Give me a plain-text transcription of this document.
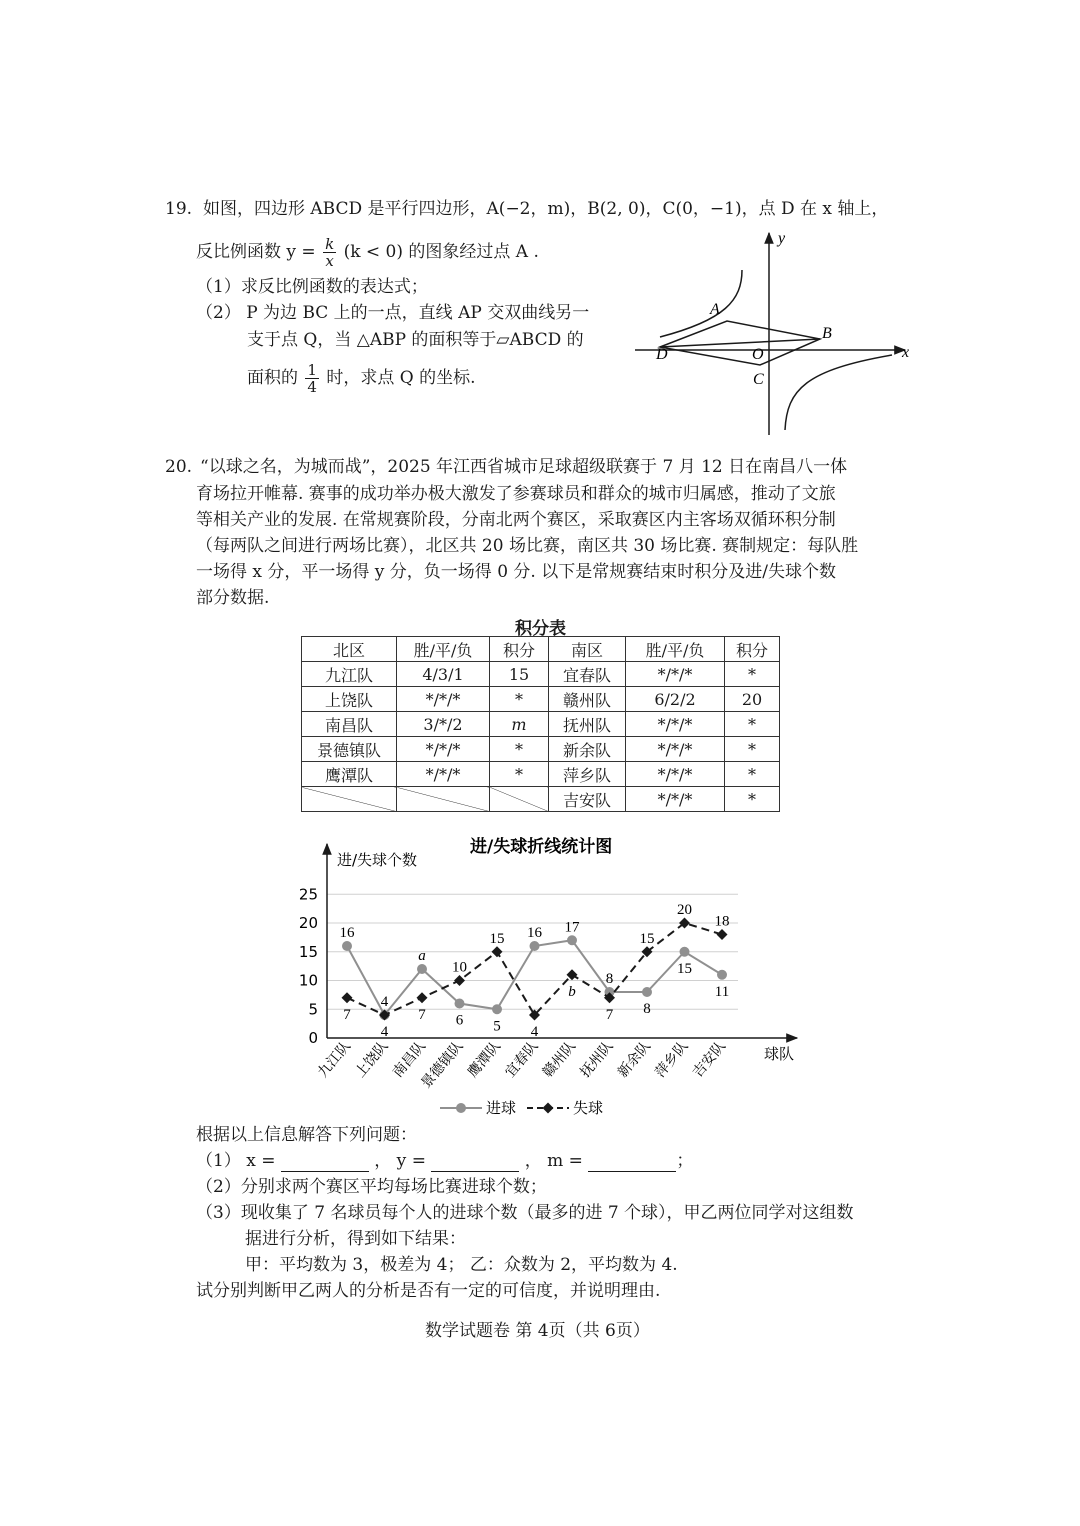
19. 如图，四边形 ABCD 是平行四边形，A(−2，m)，B(2, 0)，C(0，−1)，点 D 在 x 轴上，
反比例函数 $y = \frac{k}{x} (k < 0)$ 的图象经过点 A .
（1）求反比例函数的表达式；
（2） P 为边 BC 上的一点，直线 AP 交双曲线另一
支于点 Q，当 △ABP 的面积等于▱ABCD 的
面积的 $\frac{1}{4}$ 时，求点 Q 的坐标.
A
B
C
D	O
y
x
20. “以球之名，为城而战”，2025 年江西省城市足球超级联赛于 7 月 12 日在南昌八一体
育场拉开帷幕. 赛事的成功举办极大激发了参赛球员和群众的城市归属感，推动了文旅
等相关产业的发展. 在常规赛阶段，分南北两个赛区，采取赛区内主客场双循环积分制
（每两队之间进行两场比赛），北区共 20 场比赛，南区共 30 场比赛. 赛制规定：每队胜
一场得 x 分，平一场得 y 分，负一场得 0 分. 以下是常规赛结束时积分及进/失球个数
部分数据.
积分表
北区	胜/平/负	积分	南区	胜/平/负	积分
九江队	4/3/1	15	宜春队	*/*/*	*
上饶队	*/*/*	*	赣州队	6/2/2	20
南昌队	3/*/2	m	抚州队	*/*/*	*
景德镇队	*/*/*	*	新余队	*/*/*	*
鹰潭队	*/*/*	*	萍乡队	*/*/*	*
			吉安队	*/*/*	*
进/失球折线统计图
进/失球个数
球队
0
5
10
15
20
25
九江队
上饶队
南昌队
景德镇队
鹰潭队
宜春队
赣州队
抚州队
新余队
萍乡队
吉安队
16
4
a
6 5
16 17
8
8
15
11
7
4
7
10
15
4
b
7
15
20
18
进球	失球
根据以上信息解答下列问题：
（1） x =	， y =	， m =	；
（2）分别求两个赛区平均每场比赛进球个数；
（3）现收集了 7 名球员每个人的进球个数（最多的进 7 个球），甲乙两位同学对这组数
据进行分析，得到如下结果：
甲：平均数为 3，极差为 4； 乙：众数为 2，平均数为 4.
试分别判断甲乙两人的分析是否有一定的可信度，并说明理由.
数学试题卷 第 4页（共 6页）
